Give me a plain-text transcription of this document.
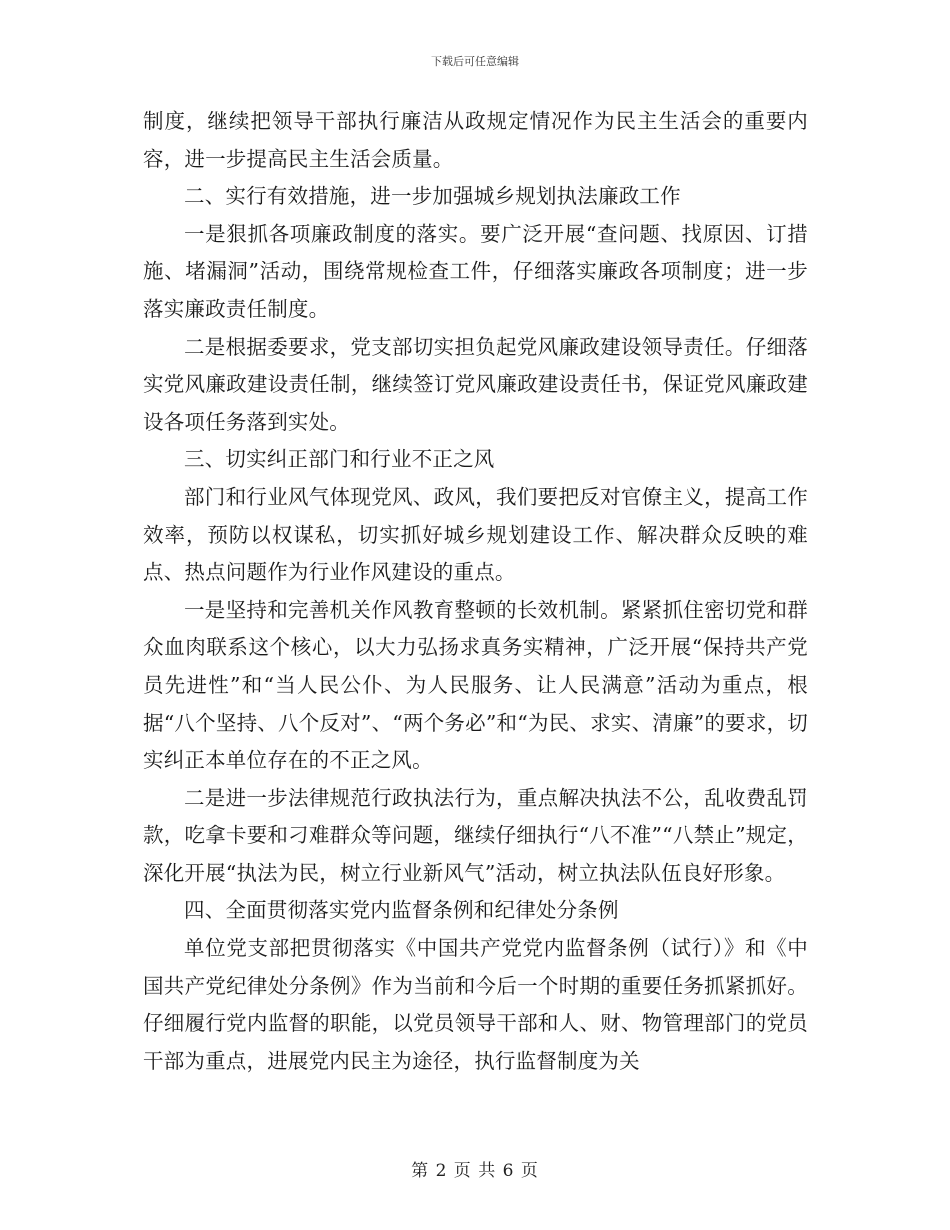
下载后可任意编辑

制度，继续把领导干部执行廉洁从政规定情况作为民主生活会的重要内容，进一步提高民主生活会质量。

二、实行有效措施，进一步加强城乡规划执法廉政工作

一是狠抓各项廉政制度的落实。要广泛开展“查问题、找原因、订措施、堵漏洞”活动，围绕常规检查工件，仔细落实廉政各项制度；进一步落实廉政责任制度。

二是根据委要求，党支部切实担负起党风廉政建设领导责任。仔细落实党风廉政建设责任制，继续签订党风廉政建设责任书，保证党风廉政建设各项任务落到实处。

三、切实纠正部门和行业不正之风

部门和行业风气体现党风、政风，我们要把反对官僚主义，提高工作效率，预防以权谋私，切实抓好城乡规划建设工作、解决群众反映的难点、热点问题作为行业作风建设的重点。

一是坚持和完善机关作风教育整顿的长效机制。紧紧抓住密切党和群众血肉联系这个核心，以大力弘扬求真务实精神，广泛开展“保持共产党员先进性”和“当人民公仆、为人民服务、让人民满意”活动为重点，根据“八个坚持、八个反对”、“两个务必”和“为民、求实、清廉”的要求，切实纠正本单位存在的不正之风。

二是进一步法律规范行政执法行为，重点解决执法不公，乱收费乱罚款，吃拿卡要和刁难群众等问题，继续仔细执行“八不准”“八禁止”规定，深化开展“执法为民，树立行业新风气”活动，树立执法队伍良好形象。

四、全面贯彻落实党内监督条例和纪律处分条例

单位党支部把贯彻落实《中国共产党党内监督条例（试行）》和《中国共产党纪律处分条例》作为当前和今后一个时期的重要任务抓紧抓好。仔细履行党内监督的职能，以党员领导干部和人、财、物管理部门的党员干部为重点，进展党内民主为途径，执行监督制度为关

第 2 页 共 6 页
